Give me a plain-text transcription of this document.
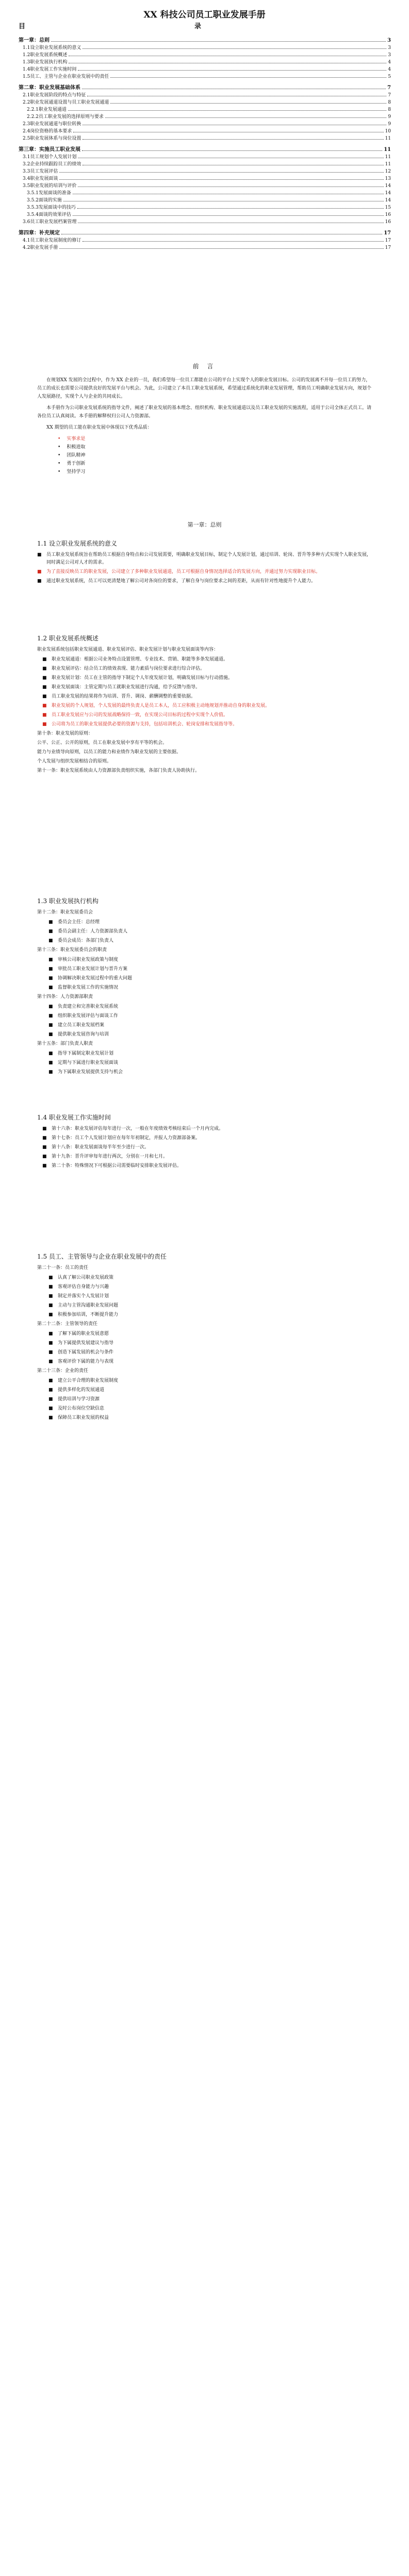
XX 科技公司员工职业发展手册
目	录
第一章：总则	3
1.1设立职业发展系统的意义	3
1.2职业发展系统概述	3
1.3职业发展执行机构	4
1.4职业发展工作实施时间	4
1.5员工、主管与企业在职业发展中的责任	5
第二章：职业发展基础体系	7
2.1职业发展阶段的特点与特征	7
2.2职业发展通道设置与员工职业发展通道	8
2.2.1职业发展通道	8
2.2.2员工职业发展的选择原则与要求	9
2.3职业发展通道与职位转换	9
2.4岗位资格的基本要求	10
2.5职业发展体系与岗位设置	11
第三章：实施员工职业发展	11
3.1员工规划个人发展计划	11
3.2企业持续跟踪员工的绩效	11
3.3员工发展评估	12
3.4职业发展面谈	13
3.5职业发展的培训与评价	14
3.5.1发展面谈的准备	14
3.5.2面谈的实施	14
3.5.3发展面谈中的技巧	15
3.5.4面谈的效果评估	16
3.6员工职业发展档案管理	16
第四章：补充规定	17
4.1员工职业发展制度的修订	17
4.2职业发展手册	17
前 言

在规划XX 发展的全过程中，作为 XX 企业的一员，我们希望每一位员工都能在公司的平台上实现个人的职业发展目标。公司的发展离不开每一位员工的努力，员工的成长也需要公司提供良好的发展平台与机会。为此，公司建立了本员工职业发展系统，希望通过系统化的职业发展管理，帮助员工明确职业发展方向，规划个人发展路径，实现个人与企业的共同成长。

本手册作为公司职业发展系统的指导文件，阐述了职业发展的基本理念、组织机构、职业发展通道以及员工职业发展的实施流程，适用于公司全体正式员工。请各位员工认真阅读。本手册的解释权归公司人力资源部。

XX 期望的员工能在职业发展中体现以下优秀品质：

• 实事求是
• 积极进取
• 团队精神
• 勇于创新
• 坚持学习
第一章：总则
1.1 设立职业发展系统的意义
■	员工职业发展系统旨在帮助员工根据自身特点和公司发展需要，明确职业发展目标，制定个人发展计划，通过培训、轮岗、晋升等多种方式实现个人职业发展，同时满足公司对人才的需求。
■	为了直接反映员工的职业发展，公司建立了多种职业发展通道，员工可根据自身情况选择适合的发展方向，并通过努力实现职业目标。
■	通过职业发展系统，员工可以更清楚地了解公司对各岗位的要求，了解自身与岗位要求之间的差距，从而有针对性地提升个人能力。
1.2 职业发展系统概述

职业发展系统包括职业发展通道、职业发展评估、职业发展计划与职业发展面谈等内容：

■	职业发展通道：根据公司业务特点设置管理、专业技术、营销、职能等多条发展通道。
■	职业发展评估：结合员工的绩效表现、能力素质与岗位要求进行综合评估。
■	职业发展计划：员工在主管的指导下制定个人年度发展计划，明确发展目标与行动措施。
■	职业发展面谈：主管定期与员工就职业发展进行沟通，给予反馈与指导。
■	员工职业发展的结果将作为培训、晋升、调岗、薪酬调整的重要依据。
■	职业发展的个人规划，个人发展的最终负责人是员工本人，员工应积极主动地规划并推动自身的职业发展。
■	员工职业发展应与公司的发展战略保持一致，在实现公司目标的过程中实现个人价值。
■	公司将为员工的职业发展提供必要的资源与支持，包括培训机会、轮岗安排和发展指导等。
第十条： 职业发展的原则：
公平、公正、公开的原则，员工在职业发展中享有平等的机会。
能力与业绩导向原则，以员工的能力和业绩作为职业发展的主要依据。
个人发展与组织发展相结合的原则。
第十一条： 职业发展系统由人力资源部负责组织实施，各部门负责人协助执行。
1.3 职业发展执行机构

第十二条：职业发展委员会

■	委员会主任：总经理
■	委员会副主任：人力资源部负责人
■	委员会成员：各部门负责人

第十三条：职业发展委员会的职责

■	审核公司职业发展政策与制度
■	审批员工职业发展计划与晋升方案
■	协调解决职业发展过程中的重大问题
■	监督职业发展工作的实施情况

第十四条：人力资源部职责

■	负责建立和完善职业发展系统
■	组织职业发展评估与面谈工作
■	建立员工职业发展档案
■	提供职业发展咨询与培训

第十五条：部门负责人职责

■	指导下属制定职业发展计划
■	定期与下属进行职业发展面谈
■	为下属职业发展提供支持与机会
1.4 职业发展工作实施时间
■	第十六条：职业发展评估每年进行一次，一般在年度绩效考核结束后一个月内完成。
■	第十七条：员工个人发展计划应在每年年初制定，并报人力资源部备案。
■	第十八条：职业发展面谈每半年至少进行一次。
■	第十九条：晋升评审每年进行两次，分别在一月和七月。
■	第二十条：特殊情况下可根据公司需要临时安排职业发展评估。
1.5 员工、主管领导与企业在职业发展中的责任

第二十一条：员工的责任

■	认真了解公司职业发展政策
■	客观评估自身能力与兴趣
■	制定并落实个人发展计划
■	主动与主管沟通职业发展问题
■	积极参加培训，不断提升能力

第二十二条：主管领导的责任

■	了解下属的职业发展意愿
■	为下属提供发展建议与指导
■	创造下属发展的机会与条件
■	客观评价下属的能力与表现

第二十三条：企业的责任

■	建立公平合理的职业发展制度
■	提供多样化的发展通道
■	提供培训与学习资源
■	及时公布岗位空缺信息
■	保障员工职业发展的权益
